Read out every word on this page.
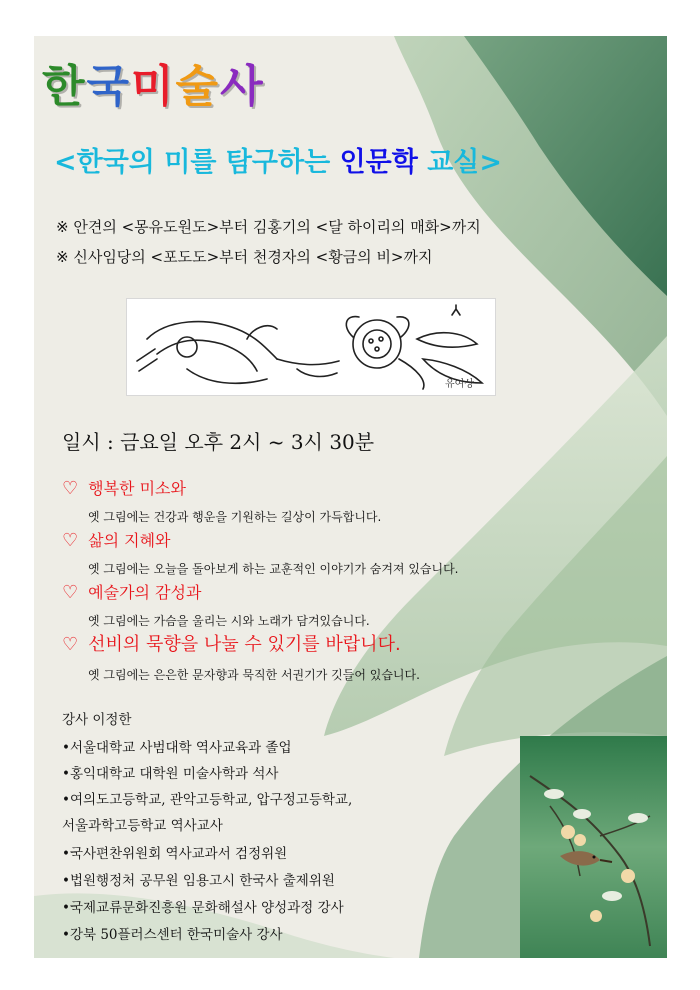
한국미술사
<한국의 미를 탐구하는 인문학 교실>
※ 안견의 <몽유도원도>부터 김홍기의 <달 하이리의 매화>까지
※ 신사임당의 <포도도>부터 천경자의 <황금의 비>까지
유여상
일시 : 금요일 오후 2시 ~ 3시 30분
♡ 행복한 미소와
옛 그림에는 건강과 행운을 기원하는 길상이 가득합니다.
♡ 삶의 지혜와
옛 그림에는 오늘을 돌아보게 하는 교훈적인 이야기가 숨겨져 있습니다.
♡ 예술가의 감성과
옛 그림에는 가슴을 울리는 시와 노래가 담겨있습니다.
♡ 선비의 묵향을 나눌 수 있기를 바랍니다.
옛 그림에는 은은한 문자향과 묵직한 서권기가 깃들어 있습니다.
강사 이정한
•서울대학교 사범대학 역사교육과 졸업
•홍익대학교 대학원 미술사학과 석사
•여의도고등학교, 관악고등학교, 압구정고등학교,
서울과학고등학교 역사교사
•국사편찬위원회 역사교과서 검정위원
•법원행정처 공무원 임용고시 한국사 출제위원
•국제교류문화진흥원 문화해설사 양성과정 강사
•강북 50플러스센터 한국미술사 강사
